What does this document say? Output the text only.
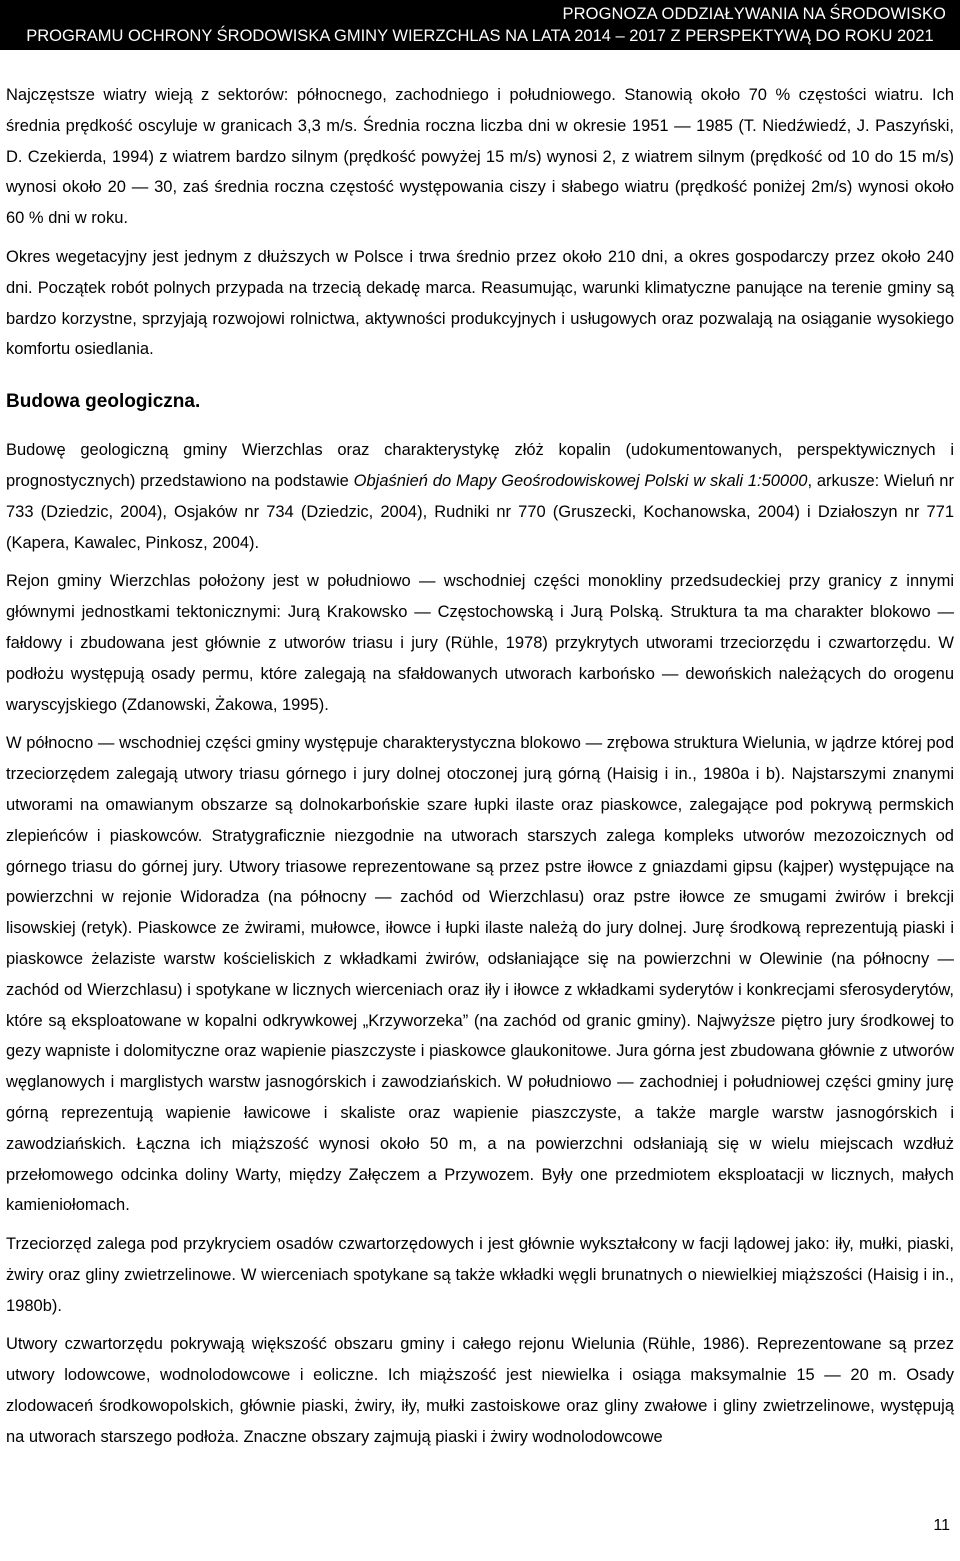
PROGNOZA ODDZIAŁYWANIA NA ŚRODOWISKO
PROGRAMU OCHRONY ŚRODOWISKA GMINY WIERZCHLAS NA LATA 2014 – 2017 Z PERSPEKTYWĄ DO ROKU 2021

Najczęstsze wiatry wieją z sektorów: północnego, zachodniego i południowego. Stanowią około 70 % częstości wiatru. Ich średnia prędkość oscyluje w granicach 3,3 m/s. Średnia roczna liczba dni w okresie 1951 — 1985 (T. Niedźwiedź, J. Paszyński, D. Czekierda, 1994) z wiatrem bardzo silnym (prędkość powyżej 15 m/s) wynosi 2, z wiatrem silnym (prędkość od 10 do 15 m/s) wynosi około 20 — 30, zaś średnia roczna częstość występowania ciszy i słabego wiatru (prędkość poniżej 2m/s) wynosi około 60 % dni w roku.

Okres wegetacyjny jest jednym z dłuższych w Polsce i trwa średnio przez około 210 dni, a okres gospodarczy przez około 240 dni. Początek robót polnych przypada na trzecią dekadę marca. Reasumując, warunki klimatyczne panujące na terenie gminy są bardzo korzystne, sprzyjają rozwojowi rolnictwa, aktywności produkcyjnych i usługowych oraz pozwalają na osiąganie wysokiego komfortu osiedlania.

Budowa geologiczna.

Budowę geologiczną gminy Wierzchlas oraz charakterystykę złóż kopalin (udokumentowanych, perspektywicznych i prognostycznych) przedstawiono na podstawie Objaśnień do Mapy Geośrodowiskowej Polski w skali 1:50000, arkusze: Wieluń nr 733 (Dziedzic, 2004), Osjaków nr 734 (Dziedzic, 2004), Rudniki nr 770 (Gruszecki, Kochanowska, 2004) i Działoszyn nr 771 (Kapera, Kawalec, Pinkosz, 2004).

Rejon gminy Wierzchlas położony jest w południowo — wschodniej części monokliny przedsudeckiej przy granicy z innymi głównymi jednostkami tektonicznymi: Jurą Krakowsko — Częstochowską i Jurą Polską. Struktura ta ma charakter blokowo — fałdowy i zbudowana jest głównie z utworów triasu i jury (Rühle, 1978) przykrytych utworami trzeciorzędu i czwartorzędu. W podłożu występują osady permu, które zalegają na sfałdowanych utworach karbońsko — dewońskich należących do orogenu waryscyjskiego (Zdanowski, Żakowa, 1995).

W północno — wschodniej części gminy występuje charakterystyczna blokowo — zrębowa struktura Wielunia, w jądrze której pod trzeciorzędem zalegają utwory triasu górnego i jury dolnej otoczonej jurą górną (Haisig i in., 1980a i b). Najstarszymi znanymi utworami na omawianym obszarze są dolnokarbońskie szare łupki ilaste oraz piaskowce, zalegające pod pokrywą permskich zlepieńców i piaskowców. Stratygraficznie niezgodnie na utworach starszych zalega kompleks utworów mezozoicznych od górnego triasu do górnej jury. Utwory triasowe reprezentowane są przez pstre iłowce z gniazdami gipsu (kajper) występujące na powierzchni w rejonie Widoradza (na północny — zachód od Wierzchlasu) oraz pstre iłowce ze smugami żwirów i brekcji lisowskiej (retyk). Piaskowce ze żwirami, mułowce, iłowce i łupki ilaste należą do jury dolnej. Jurę środkową reprezentują piaski i piaskowce żelaziste warstw kościeliskich z wkładkami żwirów, odsłaniające się na powierzchni w Olewinie (na północny — zachód od Wierzchlasu) i spotykane w licznych wierceniach oraz iły i iłowce z wkładkami syderytów i konkrecjami sferosyderytów, które są eksploatowane w kopalni odkrywkowej „Krzyworzeka” (na zachód od granic gminy). Najwyższe piętro jury środkowej to gezy wapniste i dolomityczne oraz wapienie piaszczyste i piaskowce glaukonitowe. Jura górna jest zbudowana głównie z utworów węglanowych i marglistych warstw jasnogórskich i zawodziańskich. W południowo — zachodniej i południowej części gminy jurę górną reprezentują wapienie ławicowe i skaliste oraz wapienie piaszczyste, a także margle warstw jasnogórskich i zawodziańskich. Łączna ich miąższość wynosi około 50 m, a na powierzchni odsłaniają się w wielu miejscach wzdłuż przełomowego odcinka doliny Warty, między Załęczem a Przywozem. Były one przedmiotem eksploatacji w licznych, małych kamieniołomach.

Trzeciorzęd zalega pod przykryciem osadów czwartorzędowych i jest głównie wykształcony w facji lądowej jako: iły, mułki, piaski, żwiry oraz gliny zwietrzelinowe. W wierceniach spotykane są także wkładki węgli brunatnych o niewielkiej miąższości (Haisig i in., 1980b).

Utwory czwartorzędu pokrywają większość obszaru gminy i całego rejonu Wielunia (Rühle, 1986). Reprezentowane są przez utwory lodowcowe, wodnolodowcowe i eoliczne. Ich miąższość jest niewielka i osiąga maksymalnie 15 — 20 m. Osady zlodowaceń środkowopolskich, głównie piaski, żwiry, iły, mułki zastoiskowe oraz gliny zwałowe i gliny zwietrzelinowe, występują na utworach starszego podłoża. Znaczne obszary zajmują piaski i żwiry wodnolodowcowe

11
